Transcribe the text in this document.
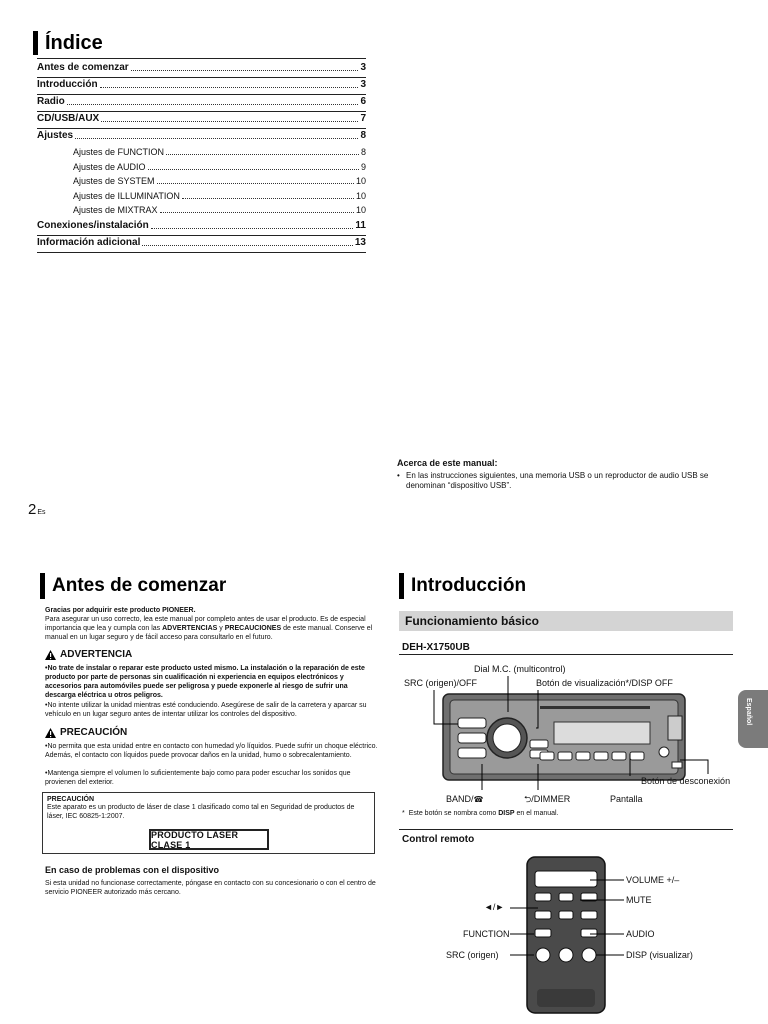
Índice
Antes de comenzar	3
Introducción	3
Radio	6
CD/USB/AUX	7
Ajustes	8
Ajustes de FUNCTION	8
Ajustes de AUDIO	9
Ajustes de SYSTEM	10
Ajustes de ILLUMINATION	10
Ajustes de MIXTRAX	10
Conexiones/instalación	11
Información adicional	13
Acerca de este manual:
• En las instrucciones siguientes, una memoria USB o un reproductor de audio USB se denominan “dispositivo USB”.
2Es
Antes de comenzar
Gracias por adquirir este producto PIONEER.
Para asegurar un uso correcto, lea este manual por completo antes de usar el producto. Es de especial importancia que lea y cumpla con las ADVERTENCIAS y PRECAUCIONES de este manual. Conserve el manual en un lugar seguro y de fácil acceso para consultarlo en el futuro.
ADVERTENCIA
•No trate de instalar o reparar este producto usted mismo. La instalación o la reparación de este producto por parte de personas sin cualificación ni experiencia en equipos electrónicos y accesorios para automóviles puede ser peligrosa y puede exponerle al riesgo de sufrir una descarga eléctrica u otros peligros.
•No intente utilizar la unidad mientras esté conduciendo. Asegúrese de salir de la carretera y aparcar su vehículo en un lugar seguro antes de intentar utilizar los controles del dispositivo.
PRECAUCIÓN
•No permita que esta unidad entre en contacto con humedad y/o líquidos. Puede sufrir un choque eléctrico. Además, el contacto con líquidos puede provocar daños en la unidad, humo o sobrecalentamiento.
•Mantenga siempre el volumen lo suficientemente bajo como para poder escuchar los sonidos que provienen del exterior.
PRECAUCIÓN
Este aparato es un producto de láser de clase 1 clasificado como tal en Seguridad de productos de láser, IEC 60825-1:2007.
PRODUCTO LASER CLASE 1
En caso de problemas con el dispositivo
Si esta unidad no funcionase correctamente, póngase en contacto con su concesionario o con el centro de servicio PIONEER autorizado más cercano.
Introducción
Funcionamiento básico
DEH-X1750UB
Dial M.C. (multicontrol)
SRC (origen)/OFF	Botón de visualización*/DISP OFF
Botón de desconexión
BAND/☎	⮌/DIMMER	Pantalla
* Este botón se nombra como DISP en el manual.
Control remoto
VOLUME +/–
MUTE
◄/►
FUNCTION	AUDIO
SRC (origen)	DISP (visualizar)
Español
